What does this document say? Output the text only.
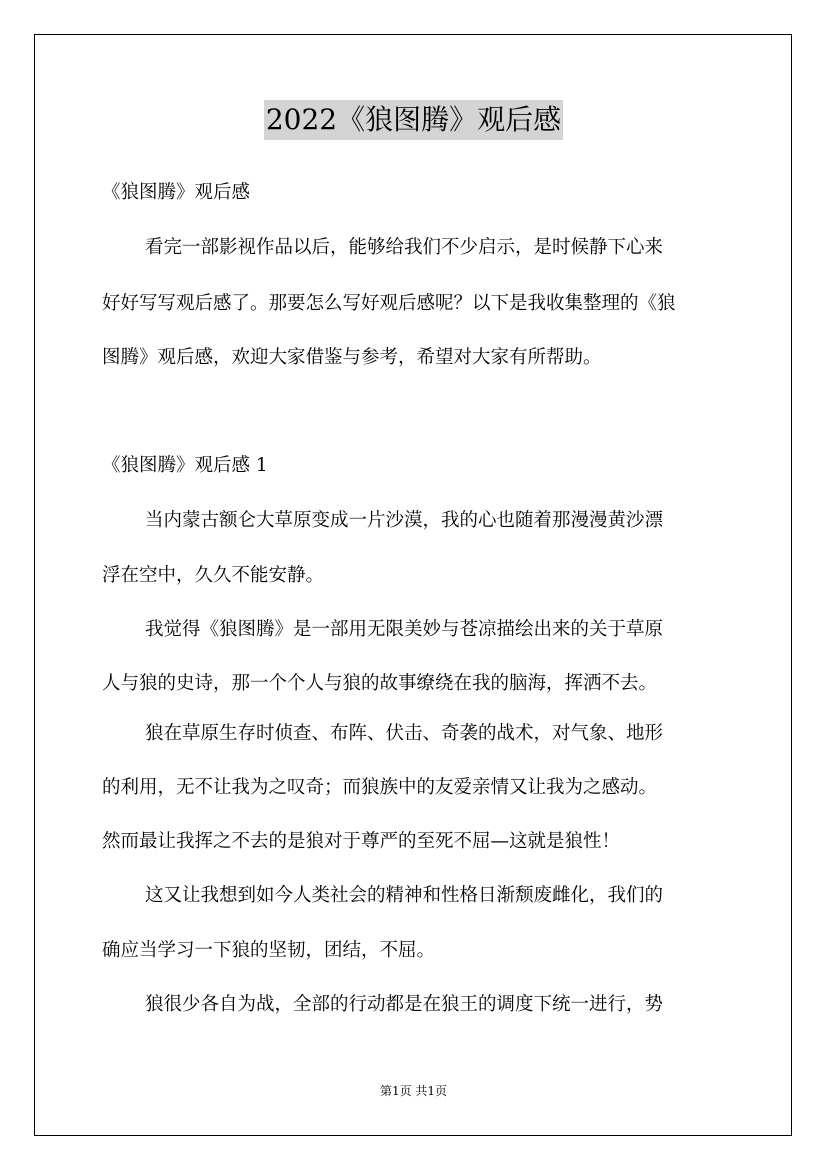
2022《狼图腾》观后感
《狼图腾》观后感
看完一部影视作品以后，能够给我们不少启示，是时候静下心来
好好写写观后感了。那要怎么写好观后感呢？以下是我收集整理的《狼
图腾》观后感，欢迎大家借鉴与参考，希望对大家有所帮助。
《狼图腾》观后感 1
当内蒙古额仑大草原变成一片沙漠，我的心也随着那漫漫黄沙漂
浮在空中，久久不能安静。
我觉得《狼图腾》是一部用无限美妙与苍凉描绘出来的关于草原
人与狼的史诗，那一个个人与狼的故事缭绕在我的脑海，挥洒不去。
狼在草原生存时侦查、布阵、伏击、奇袭的战术，对气象、地形
的利用，无不让我为之叹奇；而狼族中的友爱亲情又让我为之感动。
然而最让我挥之不去的是狼对于尊严的至死不屈—这就是狼性！
这又让我想到如今人类社会的精神和性格日渐颓废雌化，我们的
确应当学习一下狼的坚韧，团结，不屈。
狼很少各自为战，全部的行动都是在狼王的调度下统一进行，势
第1页 共1页
